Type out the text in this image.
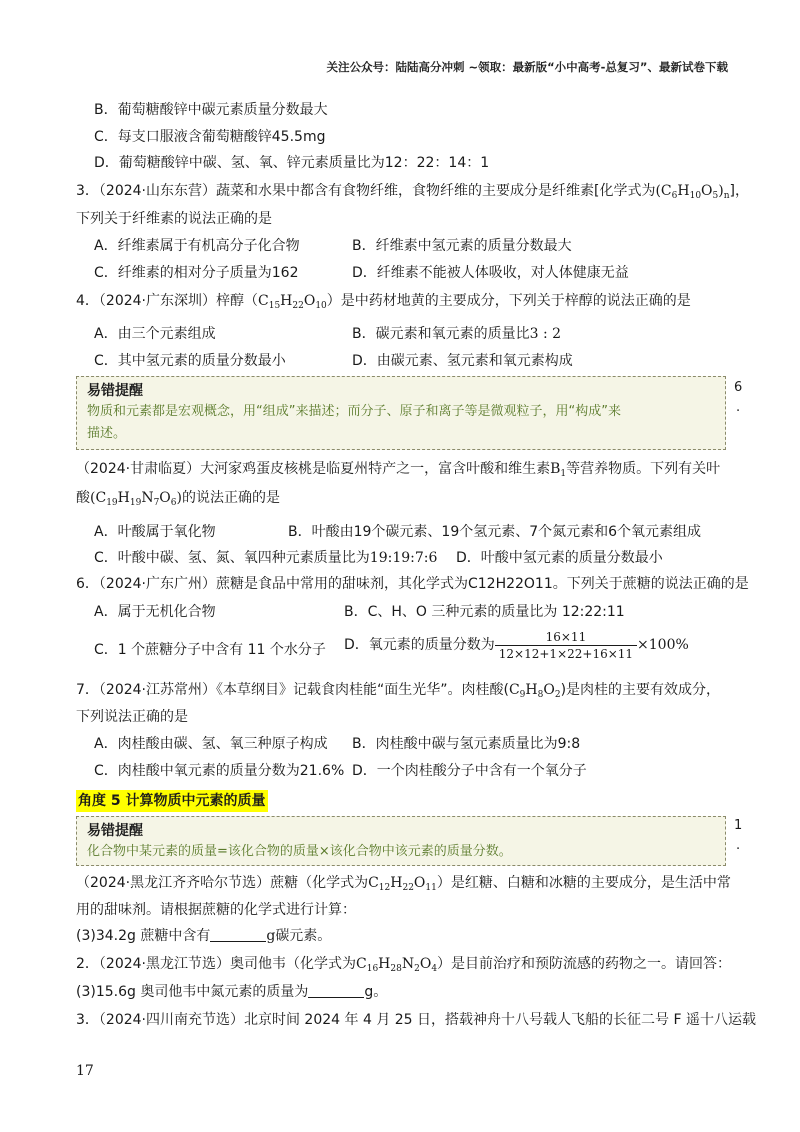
关注公众号：陆陆高分冲刺 ~领取：最新版“小中高考-总复习”、最新试卷下载
B．葡萄糖酸锌中碳元素质量分数最大
C．每支口服液含葡萄糖酸锌45.5mg
D．葡萄糖酸锌中碳、氢、氧、锌元素质量比为12：22：14：1
3．（2024·山东东营）蔬菜和水果中都含有食物纤维，食物纤维的主要成分是纤维素[化学式为$(C_6H_{10}O_5)_n$]，
下列关于纤维素的说法正确的是
A．纤维素属于有机高分子化合物	B．纤维素中氢元素的质量分数最大
C．纤维素的相对分子质量为162	D．纤维素不能被人体吸收，对人体健康无益
4．（2024·广东深圳）梓醇$(C_{15}H_{22}O_{10})$是中药材地黄的主要成分，下列关于梓醇的说法正确的是
A．由三个元素组成	B．碳元素和氧元素的质量比3 : 2
C．其中氢元素的质量分数最小	D．由碳元素、氢元素和氧元素构成
易错提醒
物质和元素都是宏观概念，用“组成”来描述；而分子、原子和离子等是微观粒子，用“构成”来
描述。
6
.
（2024·甘肃临夏）大河家鸡蛋皮核桃是临夏州特产之一，富含叶酸和维生素$B_1$等营养物质。下列有关叶
酸$(C_{19}H_{19}N_7O_6)$的说法正确的是
A．叶酸属于氧化物	B．叶酸由19个碳元素、19个氢元素、7个氮元素和6个氧元素组成
C．叶酸中碳、氢、氮、氧四种元素质量比为19:19:7:6 D．叶酸中氢元素的质量分数最小
6．（2024·广东广州）蔗糖是食品中常用的甜味剂，其化学式为C12H22O11。下列关于蔗糖的说法正确的是
A．属于无机化合物	B．C、H、O 三种元素的质量比为 12:22:11
C．1 个蔗糖分子中含有 11 个水分子 D．氧元素的质量分数为 $\frac{16\times 11}{12\times 12+1\times 22+16\times 11} \times 100\%$
7．（2024·江苏常州）《本草纲目》记载食肉桂能“面生光华”。肉桂酸$(C_9H_8O_2)$是肉桂的主要有效成分，
下列说法正确的是
A．肉桂酸由碳、氢、氧三种原子构成 B．肉桂酸中碳与氢元素质量比为9:8
C．肉桂酸中氧元素的质量分数为21.6% D．一个肉桂酸分子中含有一个氧分子
角度 5 计算物质中元素的质量
易错提醒
化合物中某元素的质量=该化合物的质量×该化合物中该元素的质量分数。
1
.
（2024·黑龙江齐齐哈尔节选）蔗糖（化学式为$C_{12}H_{22}O_{11}$）是红糖、白糖和冰糖的主要成分，是生活中常
用的甜味剂。请根据蔗糖的化学式进行计算：
(3)34.2g 蔗糖中含有	g碳元素。
2．（2024·黑龙江节选）奥司他韦（化学式为$C_{16}H_{28}N_2O_4$）是目前治疗和预防流感的药物之一。请回答：
(3)15.6g 奥司他韦中氮元素的质量为	g。
3．（2024·四川南充节选）北京时间 2024 年 4 月 25 日，搭载神舟十八号载人飞船的长征二号 F 遥十八运载
17
